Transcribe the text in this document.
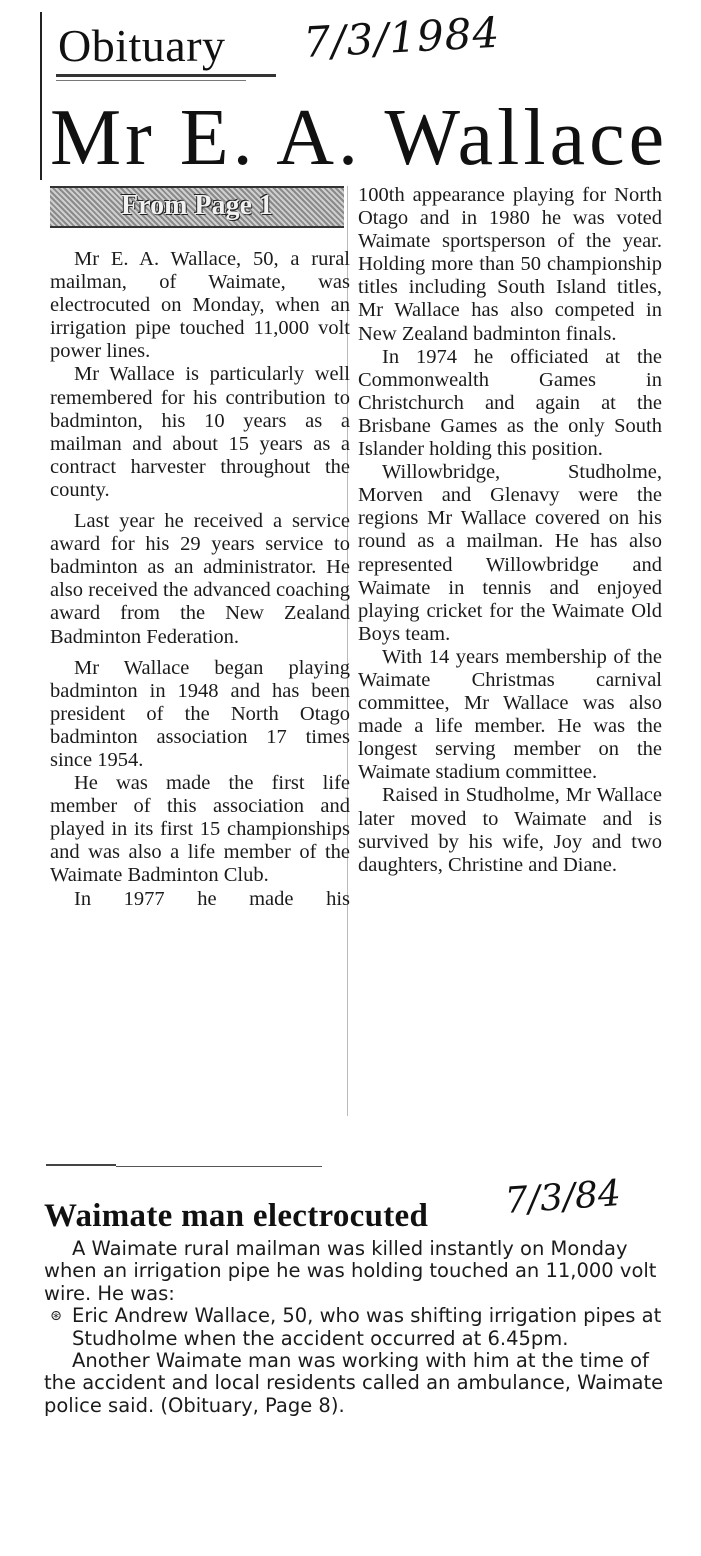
Obituary 7/3/1984
Mr E. A. Wallace
From Page 1

Mr E. A. Wallace, 50, a rural mailman, of Waimate, was electrocuted on Monday, when an irrigation pipe touched 11,000 volt power lines.

Mr Wallace is particularly well remembered for his contribution to badminton, his 10 years as a mailman and about 15 years as a contract harvester throughout the county.

Last year he received a service award for his 29 years service to badminton as an administrator. He also received the advanced coaching award from the New Zealand Badminton Federation.

Mr Wallace began playing badminton in 1948 and has been president of the North Otago badminton association 17 times since 1954.

He was made the first life member of this association and played in its first 15 championships and was also a life member of the Waimate Badminton Club.

In 1977 he made his

100th appearance playing for North Otago and in 1980 he was voted Waimate sportsperson of the year. Holding more than 50 championship titles including South Island titles, Mr Wallace has also competed in New Zealand badminton finals.

In 1974 he officiated at the Commonwealth Games in Christchurch and again at the Brisbane Games as the only South Islander holding this position.

Willowbridge, Studholme, Morven and Glenavy were the regions Mr Wallace covered on his round as a mailman. He has also represented Willowbridge and Waimate in tennis and enjoyed playing cricket for the Waimate Old Boys team.

With 14 years membership of the Waimate Christmas carnival committee, Mr Wallace was also made a life member. He was the longest serving member on the Waimate stadium committee.

Raised in Studholme, Mr Wallace later moved to Waimate and is survived by his wife, Joy and two daughters, Christine and Diane.

Waimate man electrocuted 7/3/84

A Waimate rural mailman was killed instantly on Monday when an irrigation pipe he was holding touched an 11,000 volt wire. He was:

⊛ Eric Andrew Wallace, 50, who was shifting irrigation pipes at Studholme when the accident occurred at 6.45pm.

Another Waimate man was working with him at the time of the accident and local residents called an ambulance, Waimate police said. (Obituary, Page 8).
